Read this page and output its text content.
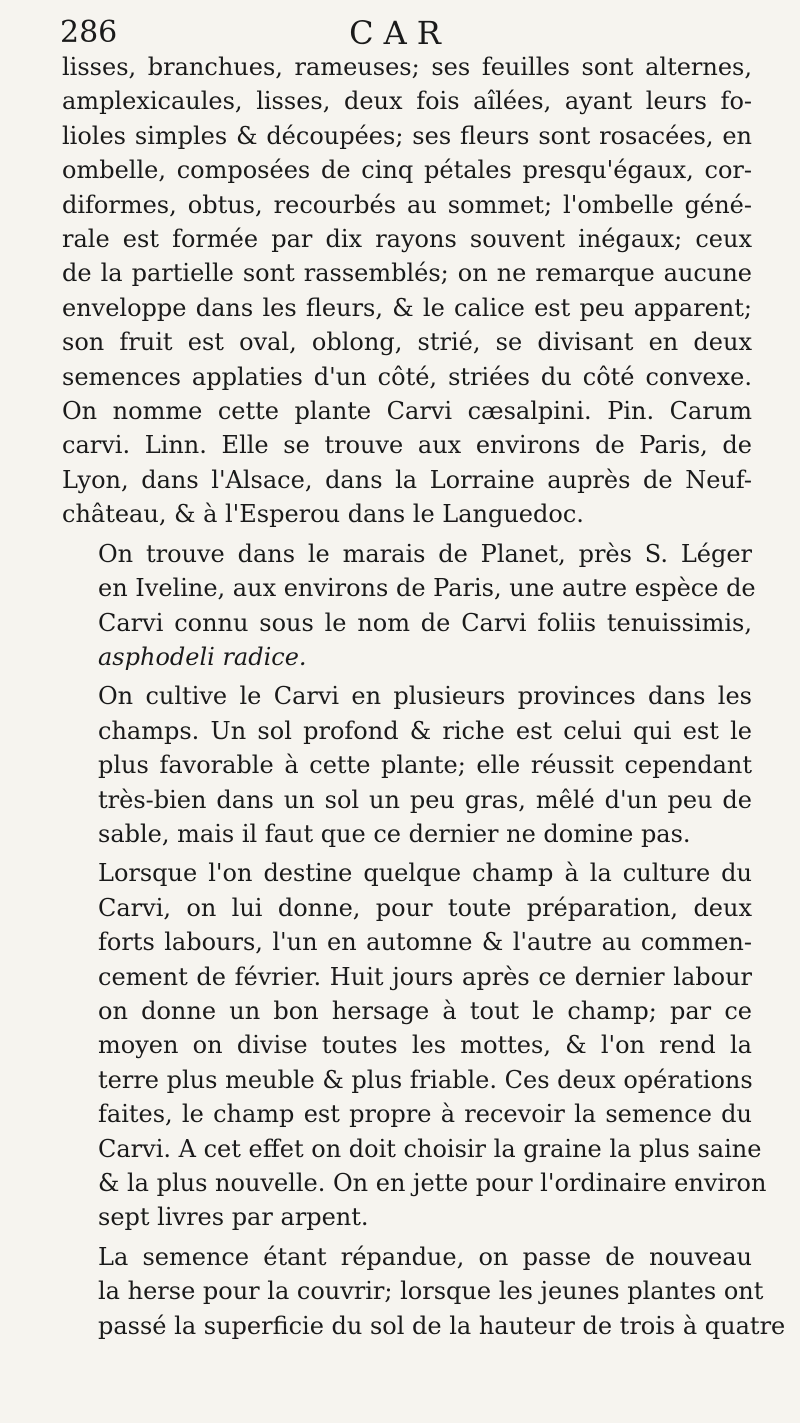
286	CAR

lisses, branchues, rameuses; ses feuilles sont alternes,
amplexicaules, lisses, deux fois aîlées, ayant leurs fo-
lioles simples & découpées; ses fleurs sont rosacées, en
ombelle, composées de cinq pétales presqu'égaux, cor-
diformes, obtus, recourbés au sommet; l'ombelle géné-
rale est formée par dix rayons souvent inégaux; ceux
de la partielle sont rassemblés; on ne remarque aucune
enveloppe dans les fleurs, & le calice est peu apparent;
son fruit est oval, oblong, strié, se divisant en deux
semences applaties d'un côté, striées du côté convexe.
On nomme cette plante Carvi cæsalpini. Pin. Carum
carvi. Linn. Elle se trouve aux environs de Paris, de
Lyon, dans l'Alsace, dans la Lorraine auprès de Neuf-
château, & à l'Esperou dans le Languedoc.

On trouve dans le marais de Planet, près S. Léger
en Iveline, aux environs de Paris, une autre espèce de
Carvi connu sous le nom de Carvi foliis tenuissimis,
asphodeli radice.

On cultive le Carvi en plusieurs provinces dans les
champs. Un sol profond & riche est celui qui est le
plus favorable à cette plante; elle réussit cependant
très-bien dans un sol un peu gras, mêlé d'un peu de
sable, mais il faut que ce dernier ne domine pas.

Lorsque l'on destine quelque champ à la culture du
Carvi, on lui donne, pour toute préparation, deux
forts labours, l'un en automne & l'autre au commen-
cement de février. Huit jours après ce dernier labour
on donne un bon hersage à tout le champ; par ce
moyen on divise toutes les mottes, & l'on rend la
terre plus meuble & plus friable. Ces deux opérations
faites, le champ est propre à recevoir la semence du
Carvi. A cet effet on doit choisir la graine la plus saine
& la plus nouvelle. On en jette pour l'ordinaire environ
sept livres par arpent.

La semence étant répandue, on passe de nouveau
la herse pour la couvrir; lorsque les jeunes plantes ont
passé la superficie du sol de la hauteur de trois à quatre
